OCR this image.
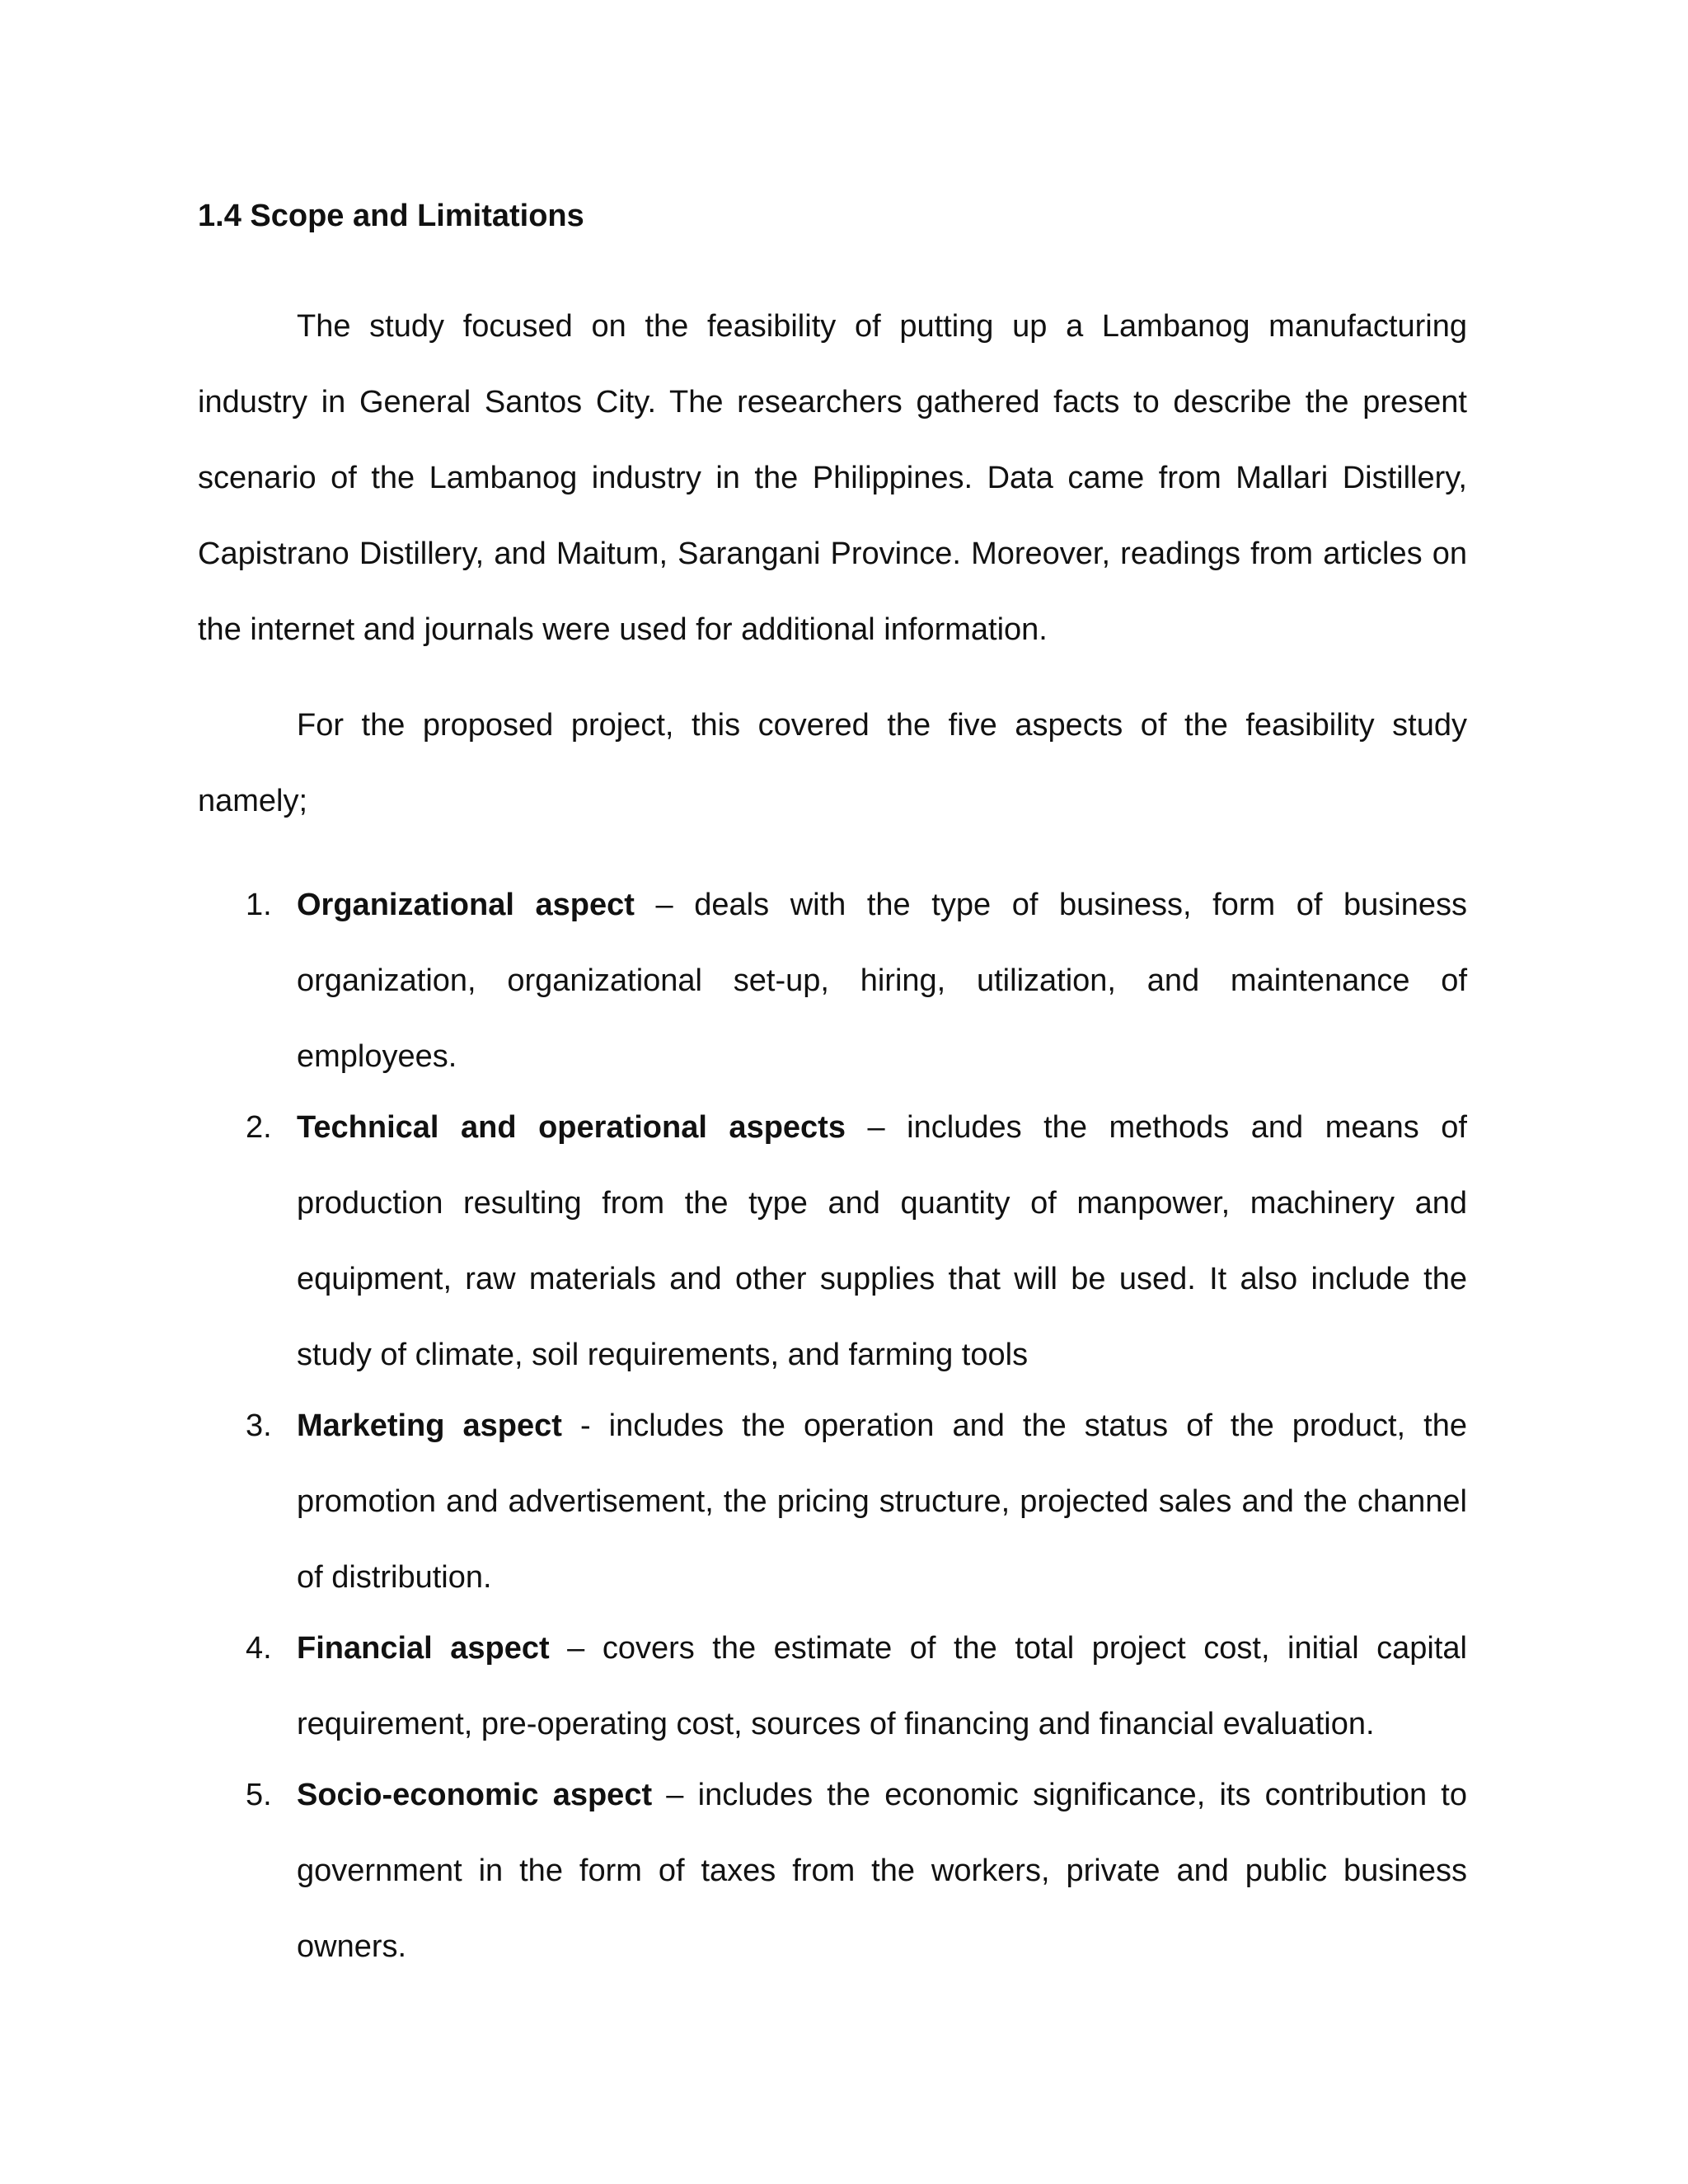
1.4 Scope and Limitations

The study focused on the feasibility of putting up a Lambanog manufacturing industry in General Santos City. The researchers gathered facts to describe the present scenario of the Lambanog industry in the Philippines. Data came from Mallari Distillery, Capistrano Distillery, and Maitum, Sarangani Province. Moreover, readings from articles on the internet and journals were used for additional information.

For the proposed project, this covered the five aspects of the feasibility study namely;

1. Organizational aspect – deals with the type of business, form of business organization, organizational set-up, hiring, utilization, and maintenance of employees.
2. Technical and operational aspects – includes the methods and means of production resulting from the type and quantity of manpower, machinery and equipment, raw materials and other supplies that will be used. It also include the study of climate, soil requirements, and farming tools
3. Marketing aspect - includes the operation and the status of the product, the promotion and advertisement, the pricing structure, projected sales and the channel of distribution.
4. Financial aspect – covers the estimate of the total project cost, initial capital requirement, pre-operating cost, sources of financing and financial evaluation.
5. Socio-economic aspect – includes the economic significance, its contribution to government in the form of taxes from the workers, private and public business owners.
